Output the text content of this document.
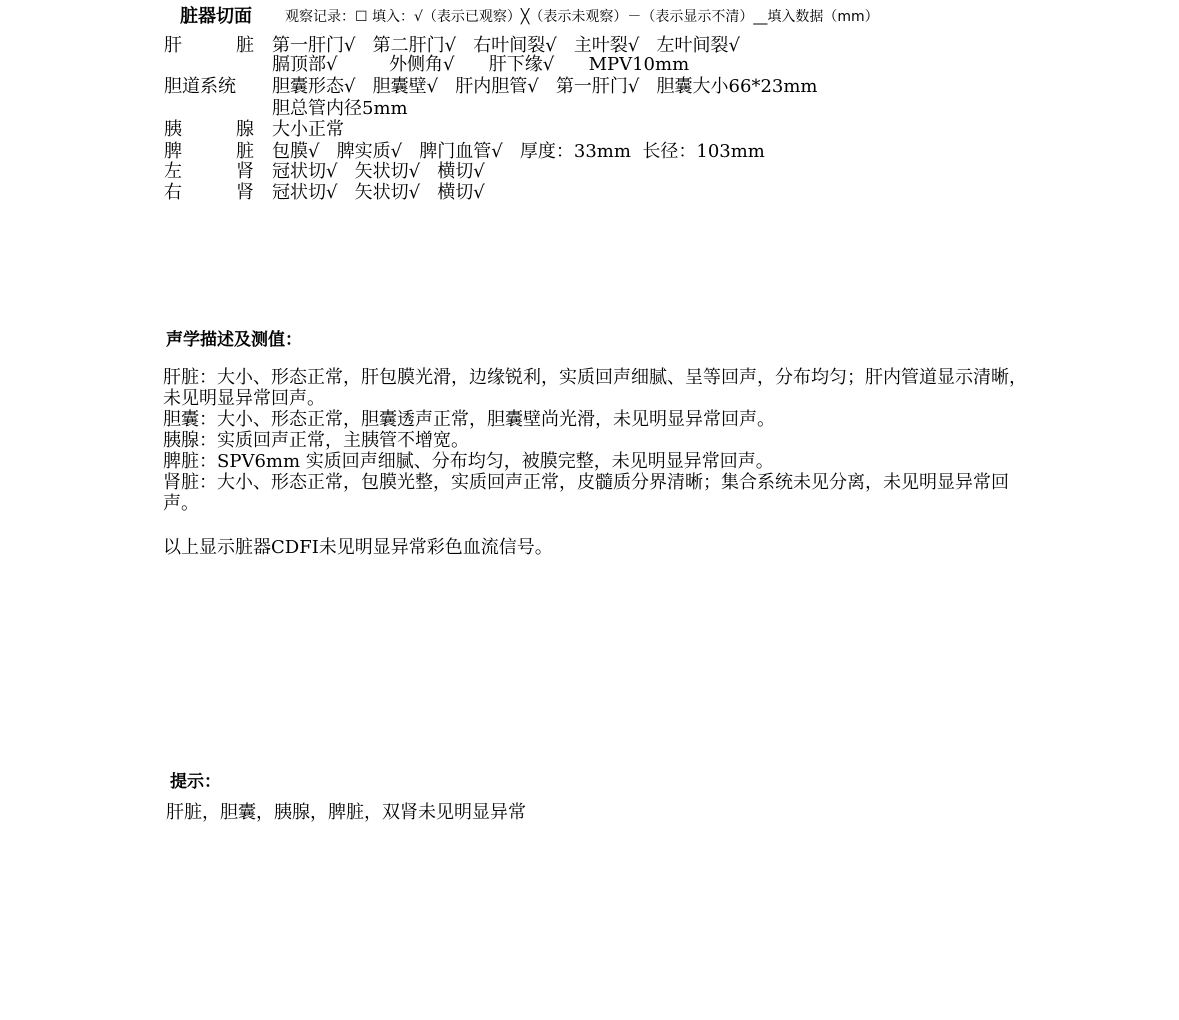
脏器切面 观察记录：☐ 填入：√（表示已观察）╳（表示未观察）－（表示显示不清）__填入数据（mm）
肝	脏 第一肝门√   第二肝门√   右叶间裂√   主叶裂√   左叶间裂√
膈顶部√         外侧角√      肝下缘√      MPV10mm
胆道系统 胆囊形态√   胆囊壁√   肝内胆管√   第一肝门√   胆囊大小66*23mm
胆总管内径5mm
胰	腺 大小正常
脾	脏 包膜√   脾实质√   脾门血管√   厚度：33mm  长径：103mm
左	肾 冠状切√   矢状切√   横切√
右	肾 冠状切√   矢状切√   横切√
声学描述及测值：
肝脏：大小、形态正常，肝包膜光滑，边缘锐利，实质回声细腻、呈等回声，分布均匀；肝内管道显示清晰，未见明显异常回声。
胆囊：大小、形态正常，胆囊透声正常，胆囊壁尚光滑，未见明显异常回声。
胰腺：实质回声正常，主胰管不增宽。
脾脏：SPV6mm 实质回声细腻、分布均匀，被膜完整，未见明显异常回声。
肾脏：大小、形态正常，包膜光整，实质回声正常，皮髓质分界清晰；集合系统未见分离，未见明显异常回声。
以上显示脏器CDFI未见明显异常彩色血流信号。
提示：
肝脏，胆囊，胰腺，脾脏，双肾未见明显异常
